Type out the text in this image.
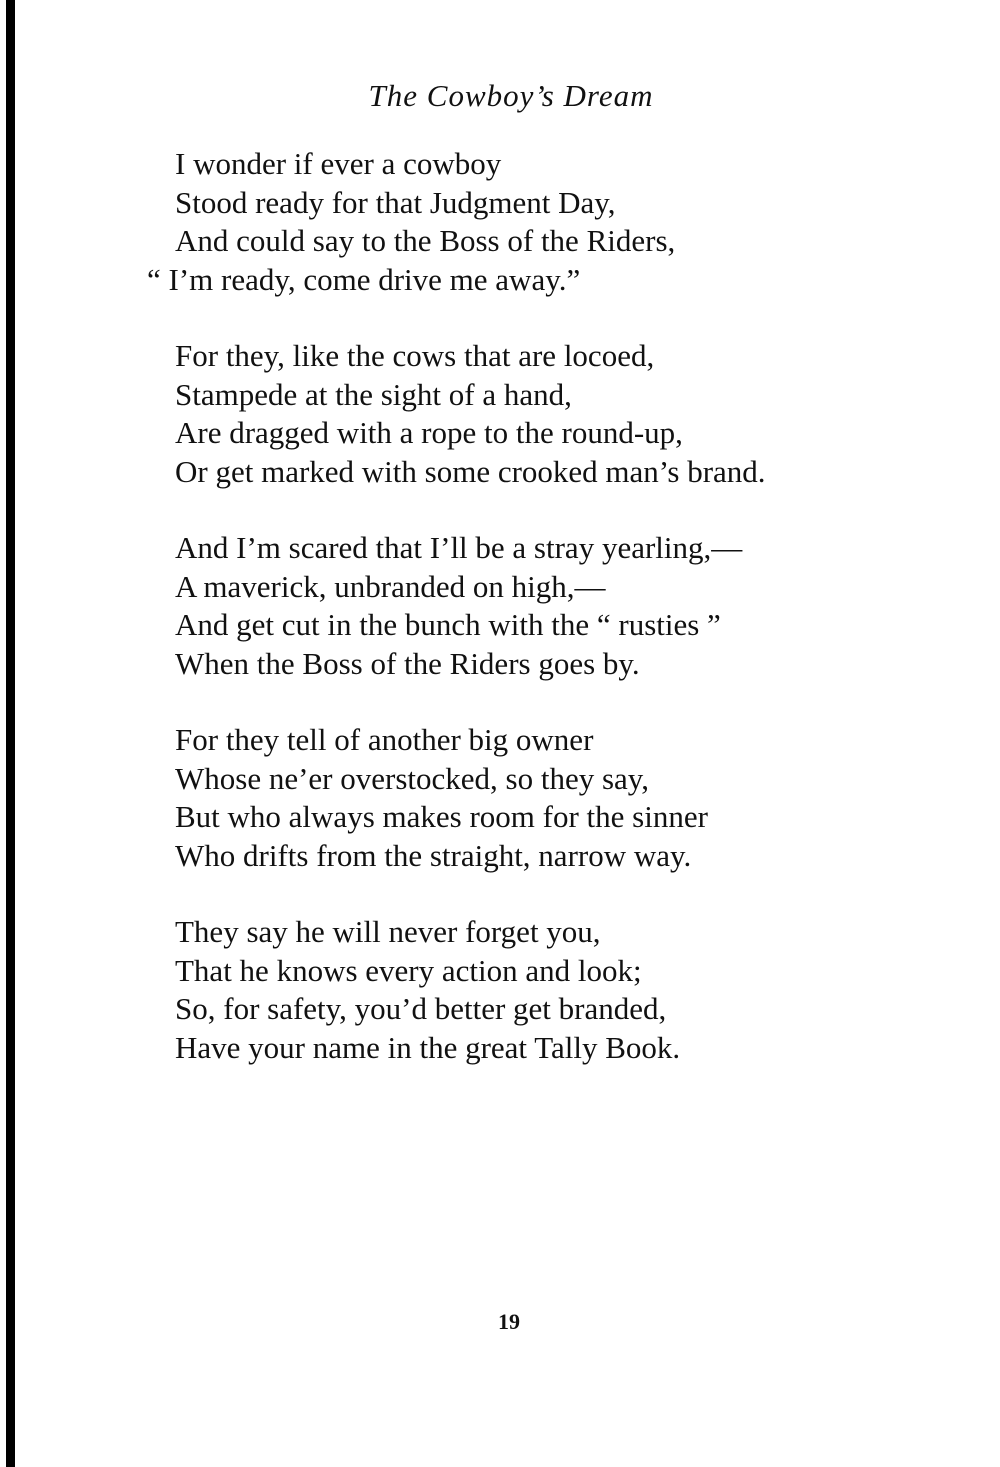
The Cowboy’s Dream
I wonder if ever a cowboy
Stood ready for that Judgment Day,
And could say to the Boss of the Riders,
“ I’m ready, come drive me away.”
For they, like the cows that are locoed,
Stampede at the sight of a hand,
Are dragged with a rope to the round-up,
Or get marked with some crooked man’s brand.
And I’m scared that I’ll be a stray yearling,—
A maverick, unbranded on high,—
And get cut in the bunch with the “ rusties ”
When the Boss of the Riders goes by.
For they tell of another big owner
Whose ne’er overstocked, so they say,
But who always makes room for the sinner
Who drifts from the straight, narrow way.
They say he will never forget you,
That he knows every action and look;
So, for safety, you’d better get branded,
Have your name in the great Tally Book.
19
